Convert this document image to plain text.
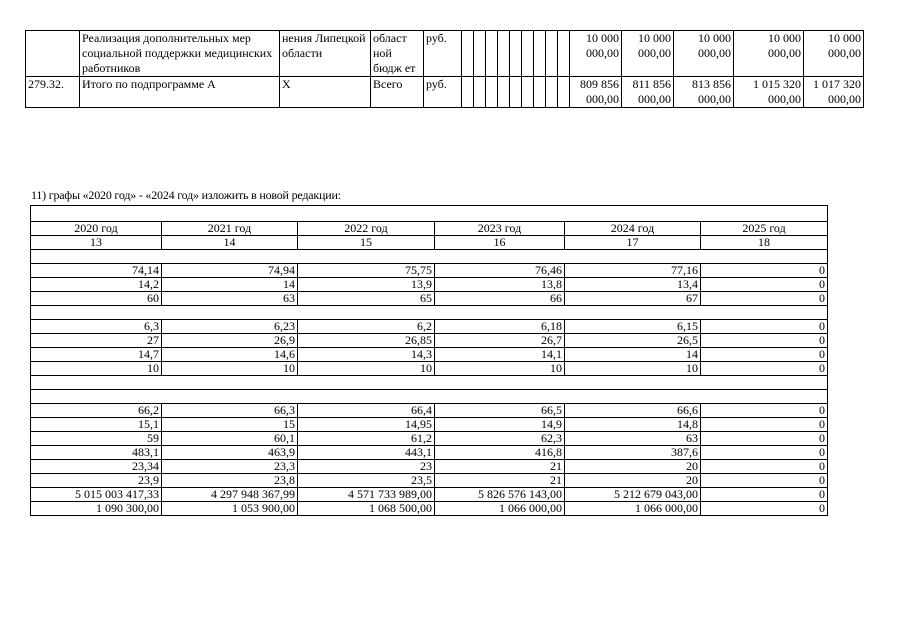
	Реализация дополнительных мер социальной поддержки медицинских работников	нения Липецкой области	област ной бюдж ет	руб.										10 000 000,00	10 000 000,00	10 000 000,00	10 000 000,00	10 000 000,00
279.32.	Итого по подпрограмме А	Х	Всего	руб.										809 856 000,00	811 856 000,00	813 856 000,00	1 015 320 000,00	1 017 320 000,00
11) графы «2020 год» - «2024 год» изложить в новой редакции:

2020 год	2021 год	2022 год	2023 год	2024 год	2025 год
13	14	15	16	17	18

74,14	74,94	75,75	76,46	77,16	0
14,2	14	13,9	13,8	13,4	0
60	63	65	66	67	0

6,3	6,23	6,2	6,18	6,15	0
27	26,9	26,85	26,7	26,5	0
14,7	14,6	14,3	14,1	14	0
10	10	10	10	10	0

66,2	66,3	66,4	66,5	66,6	0
15,1	15	14,95	14,9	14,8	0
59	60,1	61,2	62,3	63	0
483,1	463,9	443,1	416,8	387,6	0
23,34	23,3	23	21	20	0
23,9	23,8	23,5	21	20	0
5 015 003 417,33	4 297 948 367,99	4 571 733 989,00	5 826 576 143,00	5 212 679 043,00	0
1 090 300,00	1 053 900,00	1 068 500,00	1 066 000,00	1 066 000,00	0
